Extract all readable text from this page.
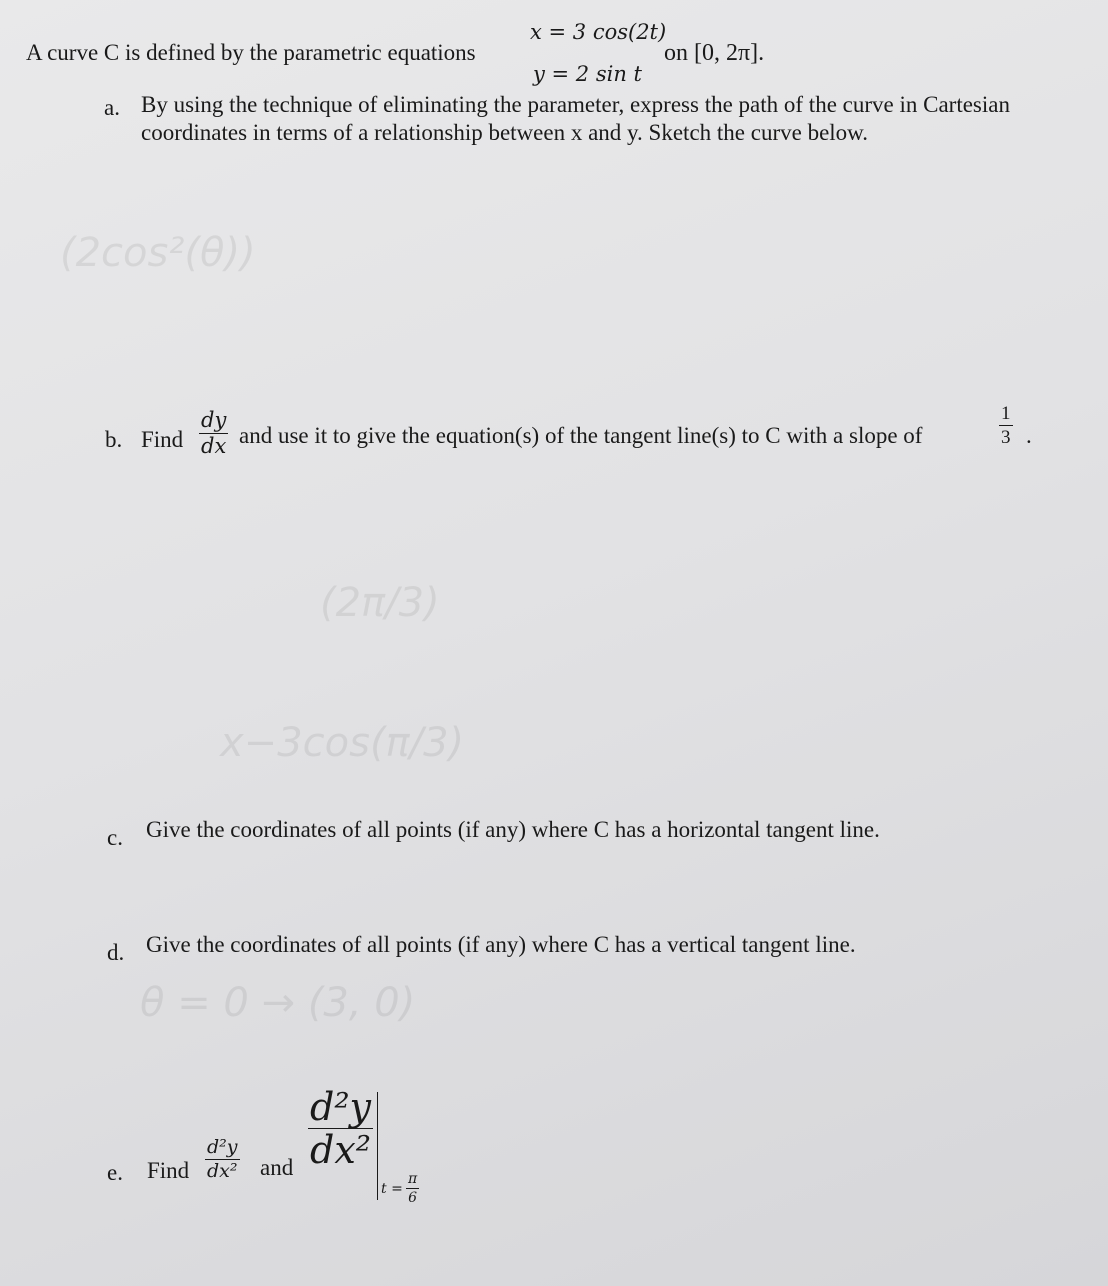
A curve C is defined by the parametric equations
x = 3 cos(2t)
y = 2 sin t
on [0, 2π].
a. By using the technique of eliminating the parameter, express the path of the curve in Cartesian
coordinates in terms of a relationship between x and y. Sketch the curve below.
(2cos²(θ))
(2π/3)
x−3cos(π/3)
θ = 0 → (3, 0)
b. Find $\frac{dy}{dx}$ and use it to give the equation(s) of the tangent line(s) to C with a slope of	$\frac{1}{3}$ .
c. Give the coordinates of all points (if any) where C has a horizontal tangent line.
d. Give the coordinates of all points (if any) where C has a vertical tangent line.
e. Find $\frac{\text{d²y}}{\text{dx²}}$ and $\frac{\text{d²y}}{\text{dx²}}$
$t = \frac{\pi}{6}$
